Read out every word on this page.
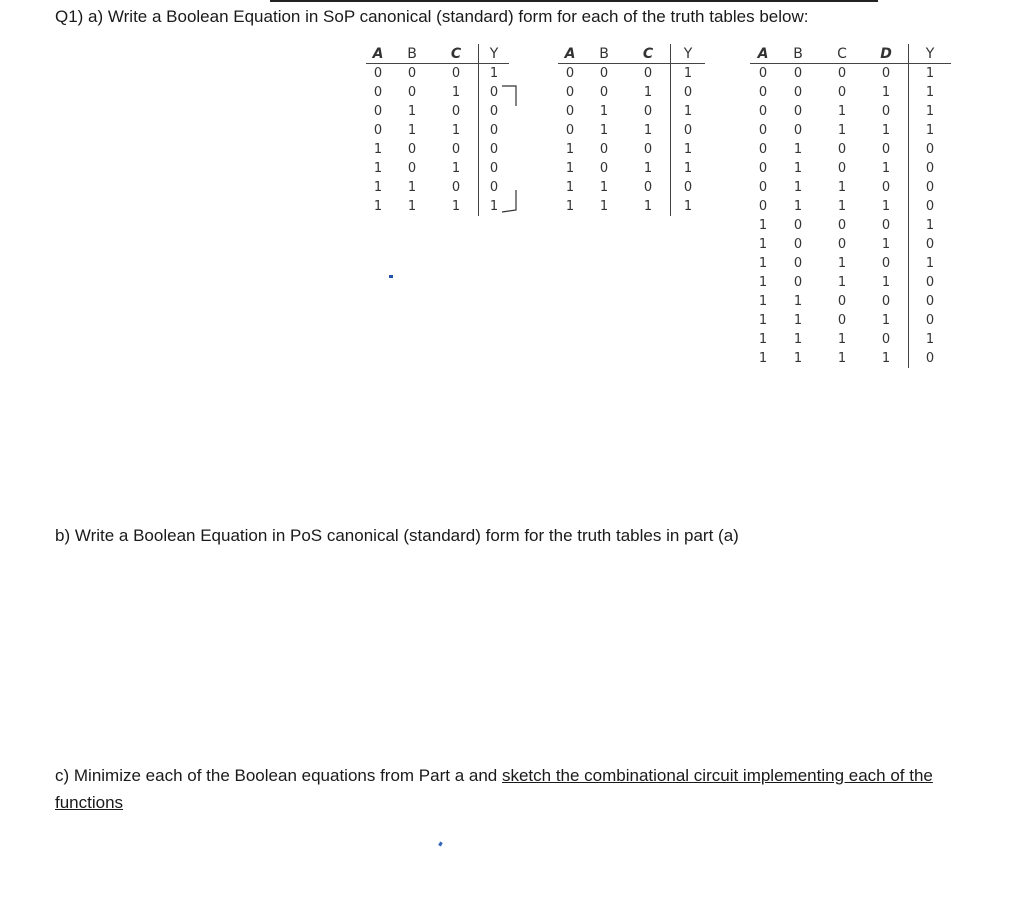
Q1) a) Write a Boolean Equation in SoP canonical (standard) form for each of the truth tables below:
A	B	C	Y
0	0	0	1
0	0	1	0
0	1	0	0
0	1	1	0
1	0	0	0
1	0	1	0
1	1	0	0
1	1	1	1
A	B	C	Y
0	0	0	1
0	0	1	0
0	1	0	1
0	1	1	0
1	0	0	1
1	0	1	1
1	1	0	0
1	1	1	1
A	B	C	D	Y
0	0	0	0	1
0	0	0	1	1
0	0	1	0	1
0	0	1	1	1
0	1	0	0	0
0	1	0	1	0
0	1	1	0	0
0	1	1	1	0
1	0	0	0	1
1	0	0	1	0
1	0	1	0	1
1	0	1	1	0
1	1	0	0	0
1	1	0	1	0
1	1	1	0	1
1	1	1	1	0
b) Write a Boolean Equation in PoS canonical (standard) form for the truth tables in part (a)
c) Minimize each of the Boolean equations from Part a and sketch the combinational circuit implementing each of the functions
